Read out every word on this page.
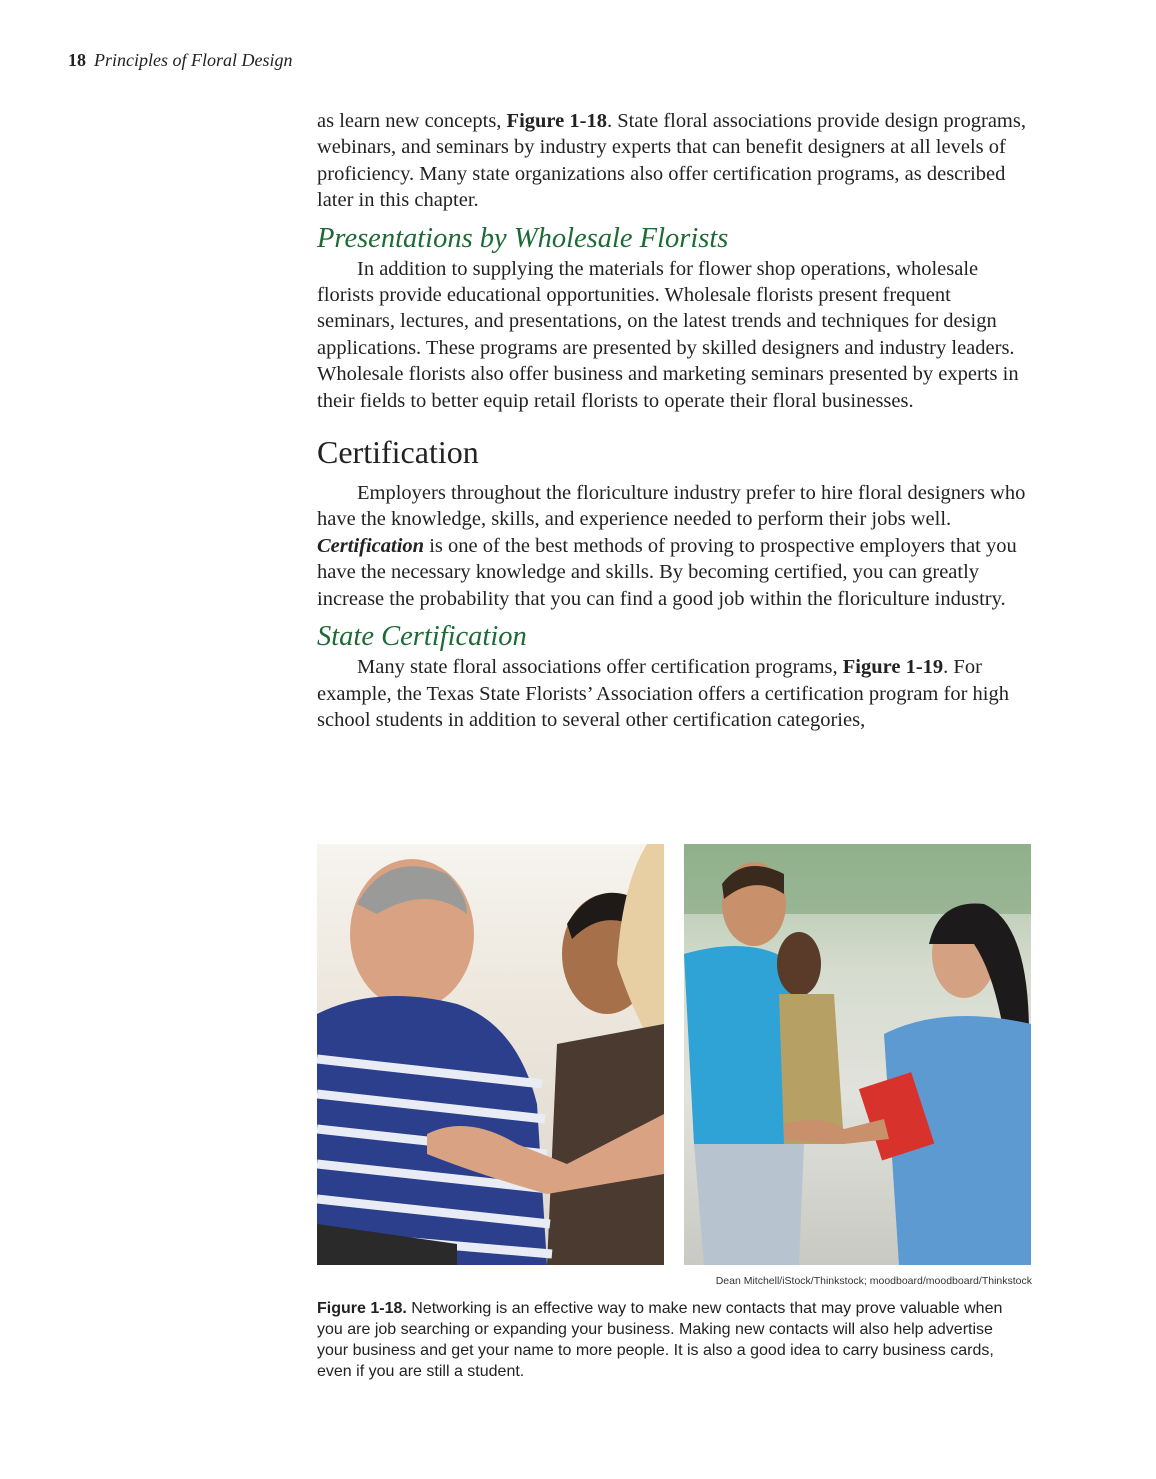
18 Principles of Floral Design

as learn new concepts, Figure 1-18. State floral associations provide design programs, webinars, and seminars by industry experts that can benefit designers at all levels of proficiency. Many state organizations also offer certification programs, as described later in this chapter.

Presentations by Wholesale Florists

In addition to supplying the materials for flower shop operations, wholesale florists provide educational opportunities. Wholesale florists present frequent seminars, lectures, and presentations, on the latest trends and techniques for design applications. These programs are presented by skilled designers and industry leaders. Wholesale florists also offer business and marketing seminars presented by experts in their fields to better equip retail florists to operate their floral businesses.

Certification

Employers throughout the floriculture industry prefer to hire floral designers who have the knowledge, skills, and experience needed to perform their jobs well. Certification is one of the best methods of proving to prospective employers that you have the necessary knowledge and skills. By becoming certified, you can greatly increase the probability that you can find a good job within the floriculture industry.

State Certification

Many state floral associations offer certification programs, Figure 1-19. For example, the Texas State Florists’ Association offers a certification program for high school students in addition to several other certification categories,

Dean Mitchell/iStock/Thinkstock; moodboard/moodboard/Thinkstock
Figure 1-18. Networking is an effective way to make new contacts that may prove valuable when you are job searching or expanding your business. Making new contacts will also help advertise your business and get your name to more people. It is also a good idea to carry business cards, even if you are still a student.
